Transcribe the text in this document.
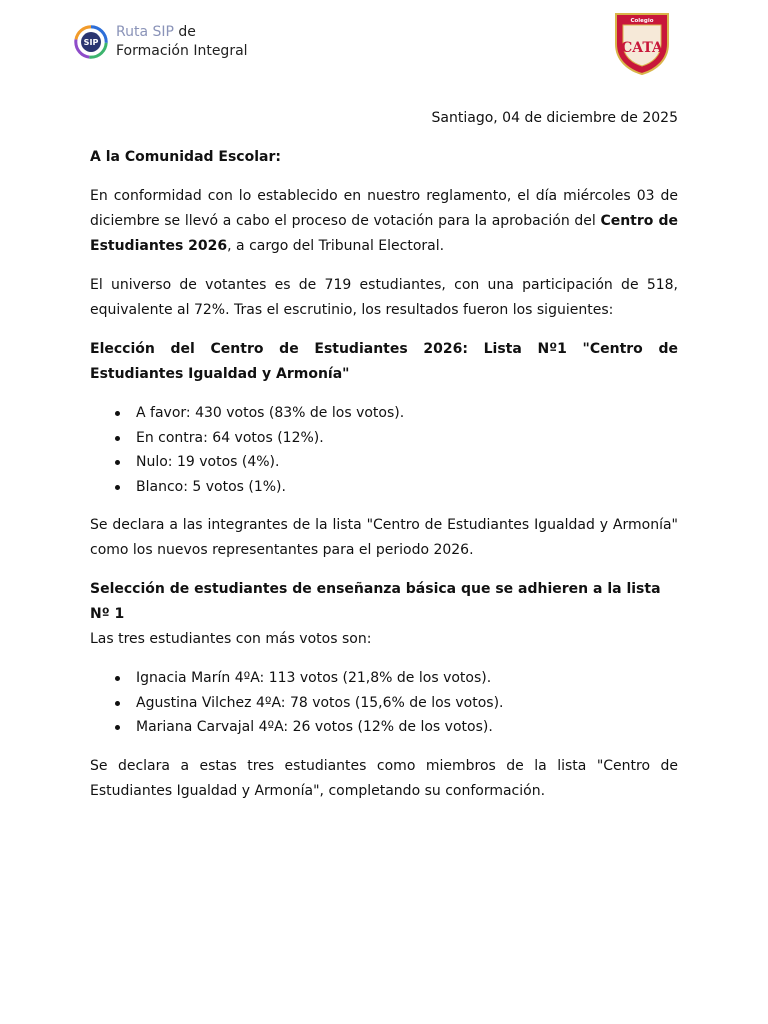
SIP
Ruta SIP de
Formación Integral
Colegio
CATA
Santiago, 04 de diciembre de 2025
A la Comunidad Escolar:

En conformidad con lo establecido en nuestro reglamento, el día miércoles 03 de diciembre se llevó a cabo el proceso de votación para la aprobación del Centro de Estudiantes 2026, a cargo del Tribunal Electoral.

El universo de votantes es de 719 estudiantes, con una participación de 518, equivalente al 72%. Tras el escrutinio, los resultados fueron los siguientes:

Elección del Centro de Estudiantes 2026: Lista Nº1 "Centro de Estudiantes Igualdad y Armonía"
A favor: 430 votos (83% de los votos).
En contra: 64 votos (12%).
Nulo: 19 votos (4%).
Blanco: 5 votos (1%).

Se declara a las integrantes de la lista "Centro de Estudiantes Igualdad y Armonía" como los nuevos representantes para el periodo 2026.

Selección de estudiantes de enseñanza básica que se adhieren a la lista Nº 1
Las tres estudiantes con más votos son:
Ignacia Marín 4ºA: 113 votos (21,8% de los votos).
Agustina Vilchez 4ºA: 78 votos (15,6% de los votos).
Mariana Carvajal 4ºA: 26 votos (12% de los votos).

Se declara a estas tres estudiantes como miembros de la lista "Centro de Estudiantes Igualdad y Armonía", completando su conformación.
